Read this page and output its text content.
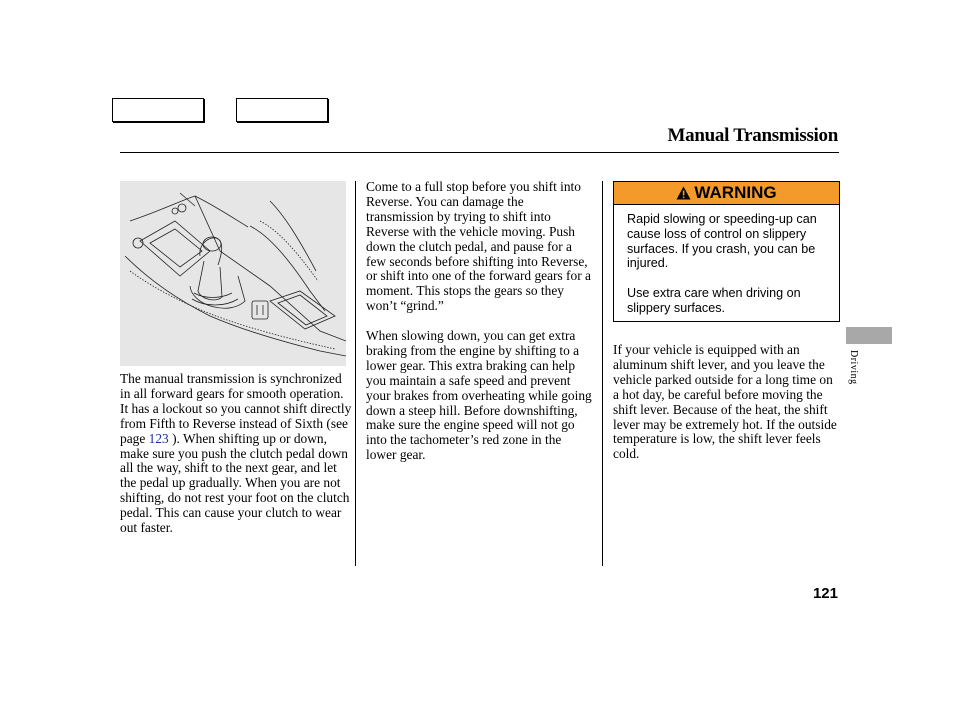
Manual Transmission
The manual transmission is synchronized in all forward gears for smooth operation. It has a lockout so you cannot shift directly from Fifth to Reverse instead of Sixth (see page 123 ). When shifting up or down, make sure you push the clutch pedal down all the way, shift to the next gear, and let the pedal up gradually. When you are not shifting, do not rest your foot on the clutch pedal. This can cause your clutch to wear out faster.

Come to a full stop before you shift into Reverse. You can damage the transmission by trying to shift into Reverse with the vehicle moving. Push down the clutch pedal, and pause for a few seconds before shifting into Reverse, or shift into one of the forward gears for a moment. This stops the gears so they won’t “grind.”

When slowing down, you can get extra braking from the engine by shifting to a lower gear. This extra braking can help you maintain a safe speed and prevent your brakes from overheating while going down a steep hill. Before downshifting, make sure the engine speed will not go into the tachometer’s red zone in the lower gear.

WARNING

Rapid slowing or speeding-up can cause loss of control on slippery surfaces. If you crash, you can be injured.

Use extra care when driving on slippery surfaces.

If your vehicle is equipped with an aluminum shift lever, and you leave the vehicle parked outside for a long time on a hot day, be careful before moving the shift lever. Because of the heat, the shift lever may be extremely hot. If the outside temperature is low, the shift lever feels cold.

Driving
121
